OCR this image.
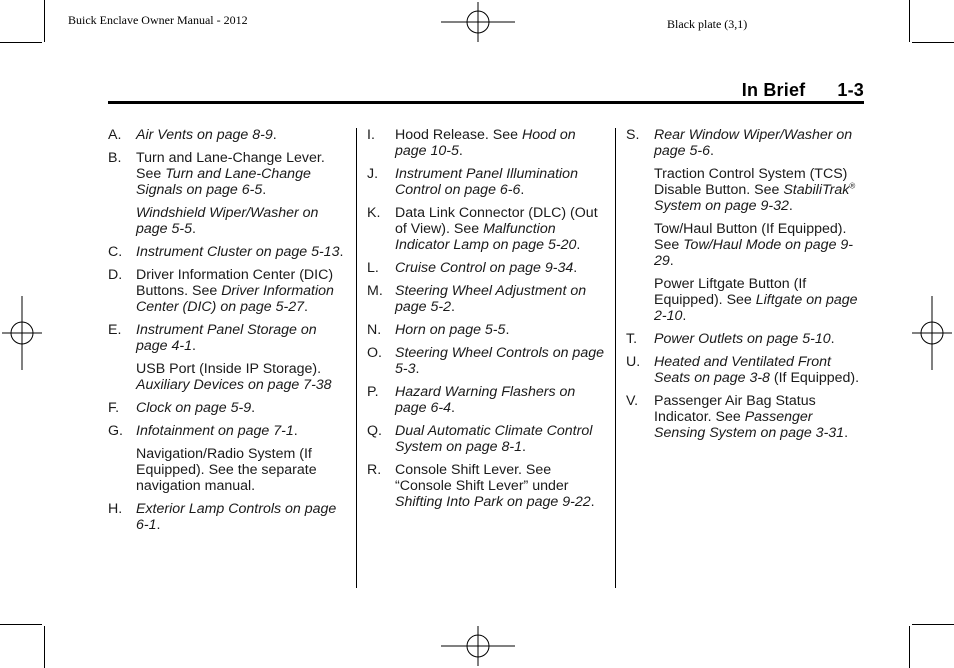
Buick Enclave Owner Manual - 2012	Black plate (3,1)
In Brief 1-3
A. Air Vents on page 8-9.
B. Turn and Lane-Change Lever.
See Turn and Lane-Change Signals on page 6-5.
Windshield Wiper/Washer on page 5-5.
C. Instrument Cluster on page 5-13.
D. Driver Information Center (DIC) Buttons. See Driver Information Center (DIC) on page 5-27.
E. Instrument Panel Storage on page 4-1.
USB Port (Inside IP Storage).
Auxiliary Devices on page 7-38
F. Clock on page 5-9.
G. Infotainment on page 7-1.
Navigation/Radio System (If Equipped). See the separate navigation manual.
H. Exterior Lamp Controls on page 6-1.
I. Hood Release. See Hood on page 10-5.
J. Instrument Panel Illumination Control on page 6-6.
K. Data Link Connector (DLC) (Out of View). See Malfunction Indicator Lamp on page 5-20.
L. Cruise Control on page 9-34.
M. Steering Wheel Adjustment on page 5-2.
N. Horn on page 5-5.
O. Steering Wheel Controls on page 5-3.
P. Hazard Warning Flashers on page 6-4.
Q. Dual Automatic Climate Control System on page 8-1.
R. Console Shift Lever. See “Console Shift Lever” under Shifting Into Park on page 9-22.
S. Rear Window Wiper/Washer on page 5-6.
Traction Control System (TCS) Disable Button. See StabiliTrak® System on page 9-32.
Tow/Haul Button (If Equipped). See Tow/Haul Mode on page 9-29.
Power Liftgate Button (If Equipped). See Liftgate on page 2-10.
T. Power Outlets on page 5-10.
U. Heated and Ventilated Front Seats on page 3-8 (If Equipped).
V. Passenger Air Bag Status Indicator. See Passenger Sensing System on page 3-31.
